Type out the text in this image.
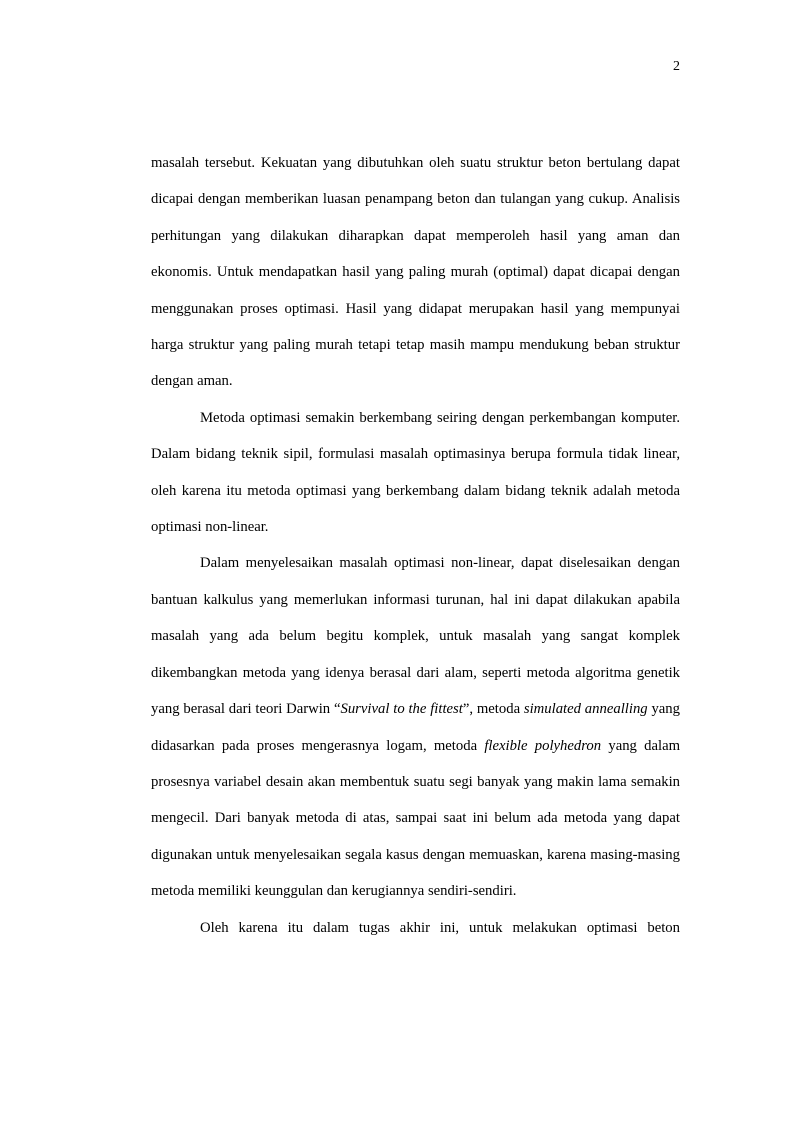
2

masalah tersebut. Kekuatan yang dibutuhkan oleh suatu struktur beton bertulang dapat dicapai dengan memberikan luasan penampang beton dan tulangan yang cukup. Analisis perhitungan yang dilakukan diharapkan dapat memperoleh hasil yang aman dan ekonomis. Untuk mendapatkan hasil yang paling murah (optimal) dapat dicapai dengan menggunakan proses optimasi. Hasil yang didapat merupakan hasil yang mempunyai harga struktur yang paling murah tetapi tetap masih mampu mendukung beban struktur dengan aman.

Metoda optimasi semakin berkembang seiring dengan perkembangan komputer. Dalam bidang teknik sipil, formulasi masalah optimasinya berupa formula tidak linear, oleh karena itu metoda optimasi yang berkembang dalam bidang teknik adalah metoda optimasi non-linear.

Dalam menyelesaikan masalah optimasi non-linear, dapat diselesaikan dengan bantuan kalkulus yang memerlukan informasi turunan, hal ini dapat dilakukan apabila masalah yang ada belum begitu komplek, untuk masalah yang sangat komplek dikembangkan metoda yang idenya berasal dari alam, seperti metoda algoritma genetik yang berasal dari teori Darwin “Survival to the fittest”, metoda simulated annealling yang didasarkan pada proses mengerasnya logam, metoda flexible polyhedron yang dalam prosesnya variabel desain akan membentuk suatu segi banyak yang makin lama semakin mengecil. Dari banyak metoda di atas, sampai saat ini belum ada metoda yang dapat digunakan untuk menyelesaikan segala kasus dengan memuaskan, karena masing-masing metoda memiliki keunggulan dan kerugiannya sendiri-sendiri.

Oleh karena itu dalam tugas akhir ini, untuk melakukan optimasi beton
